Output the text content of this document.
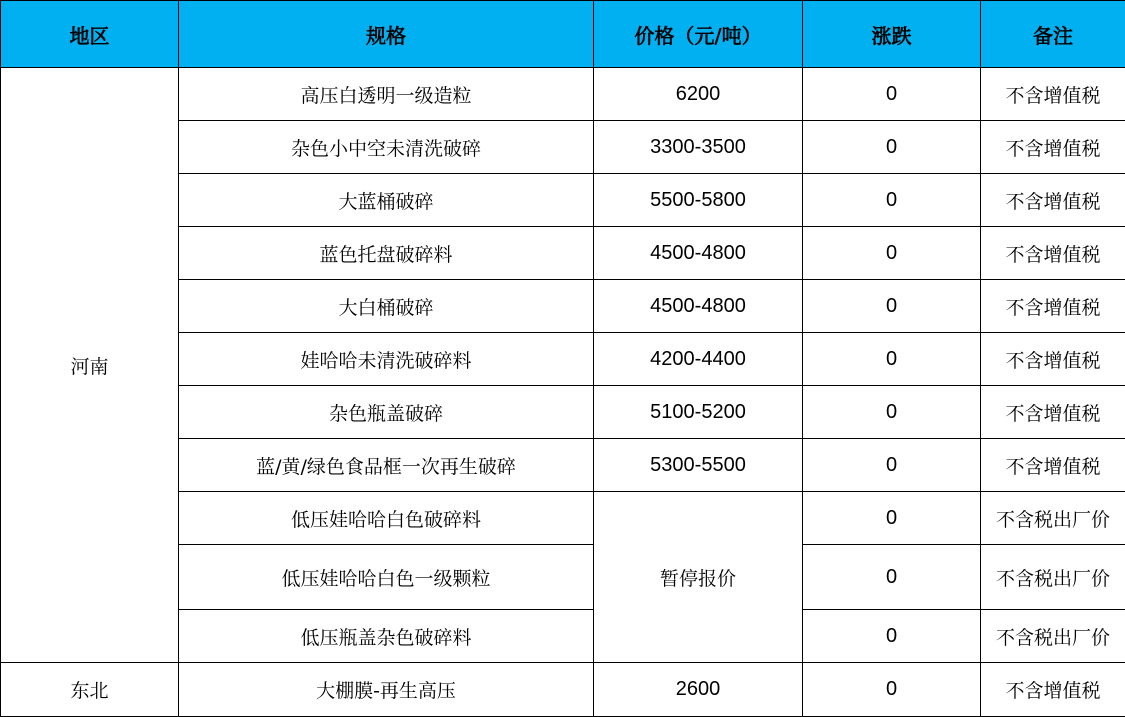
地区	规格	价格（元/吨）	涨跌	备注
河南	高压白透明一级造粒	6200	0	不含增值税
	杂色小中空未清洗破碎	3300-3500	0	不含增值税
	大蓝桶破碎	5500-5800	0	不含增值税
	蓝色托盘破碎料	4500-4800	0	不含增值税
	大白桶破碎	4500-4800	0	不含增值税
	娃哈哈未清洗破碎料	4200-4400	0	不含增值税
	杂色瓶盖破碎	5100-5200	0	不含增值税
	蓝/黄/绿色食品框一次再生破碎	5300-5500	0	不含增值税
	低压娃哈哈白色破碎料	暂停报价	0	不含税出厂价
	低压娃哈哈白色一级颗粒		0	不含税出厂价
	低压瓶盖杂色破碎料		0	不含税出厂价
东北	大棚膜-再生高压	2600	0	不含增值税
